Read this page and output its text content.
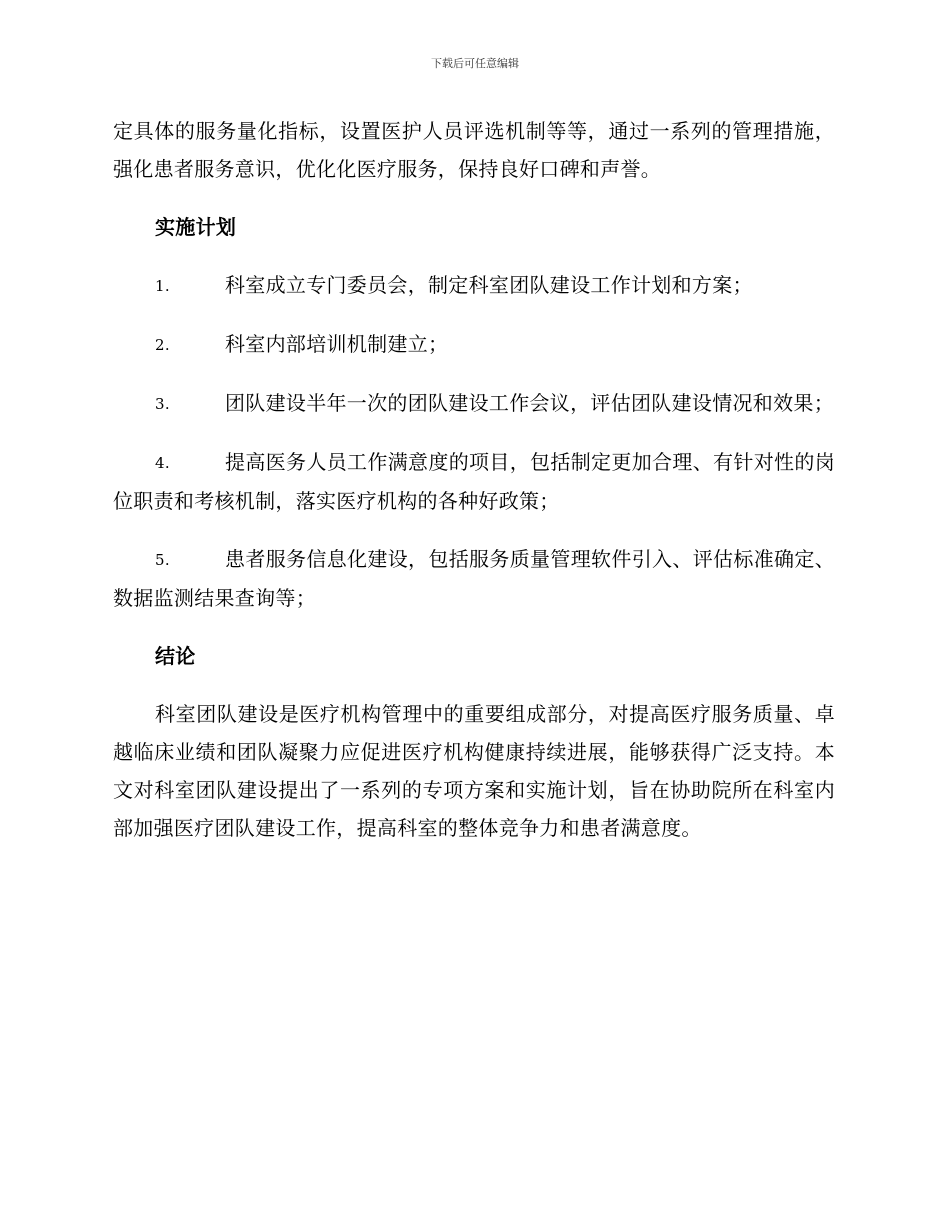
下载后可任意编辑

定具体的服务量化指标，设置医护人员评选机制等等，通过一系列的管理措施，强化患者服务意识，优化化医疗服务，保持良好口碑和声誉。

实施计划

1.	科室成立专门委员会，制定科室团队建设工作计划和方案；

2.	科室内部培训机制建立；

3.	团队建设半年一次的团队建设工作会议，评估团队建设情况和效果；

4.	提高医务人员工作满意度的项目，包括制定更加合理、有针对性的岗位职责和考核机制，落实医疗机构的各种好政策；

5.	患者服务信息化建设，包括服务质量管理软件引入、评估标准确定、数据监测结果查询等；

结论

科室团队建设是医疗机构管理中的重要组成部分，对提高医疗服务质量、卓越临床业绩和团队凝聚力应促进医疗机构健康持续进展，能够获得广泛支持。本文对科室团队建设提出了一系列的专项方案和实施计划，旨在协助院所在科室内部加强医疗团队建设工作，提高科室的整体竞争力和患者满意度。
